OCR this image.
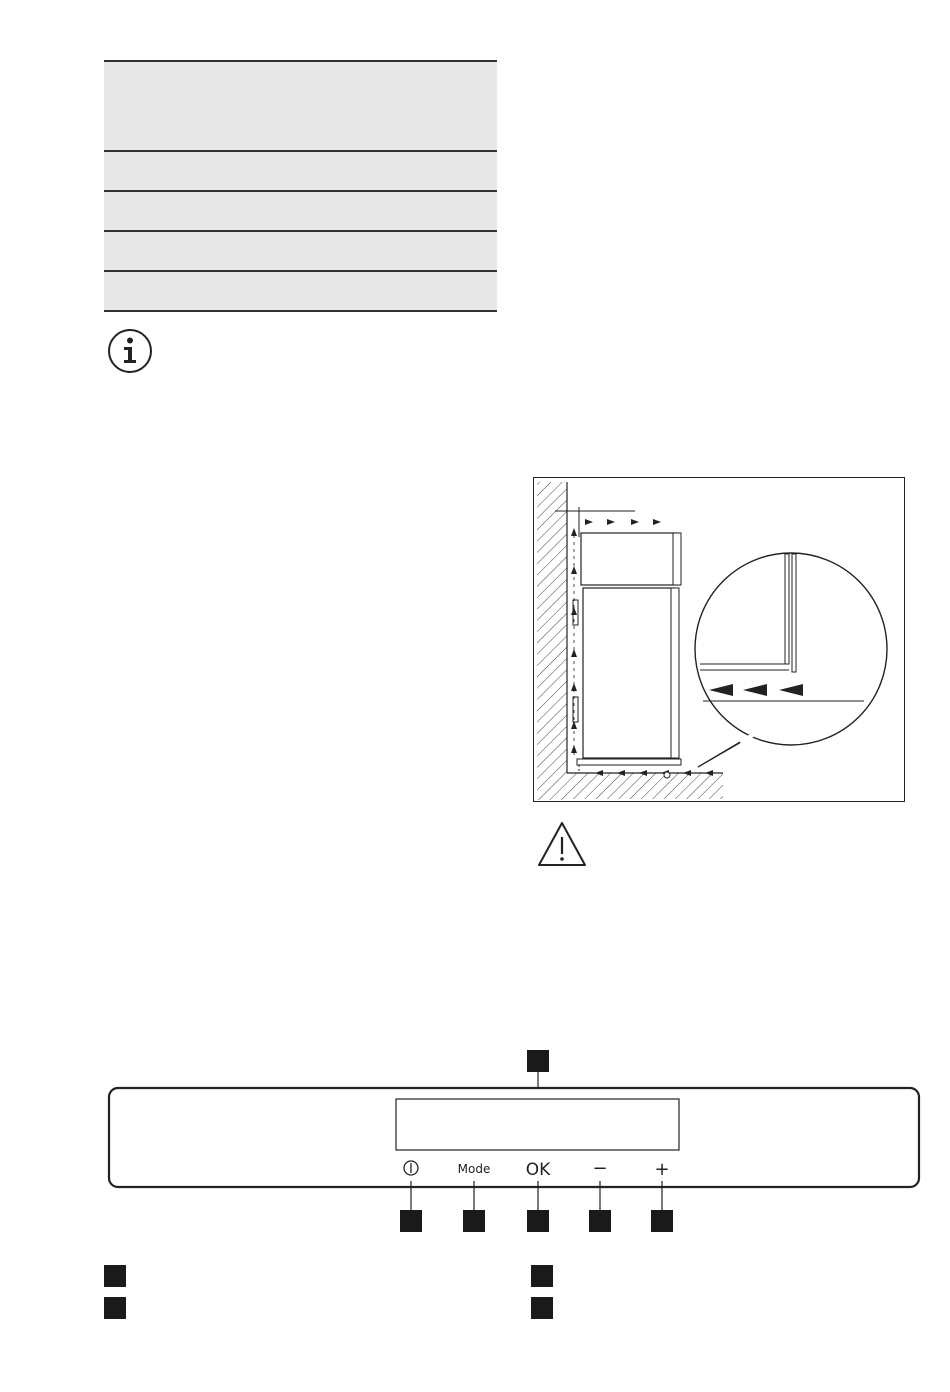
Mode OK −	+
